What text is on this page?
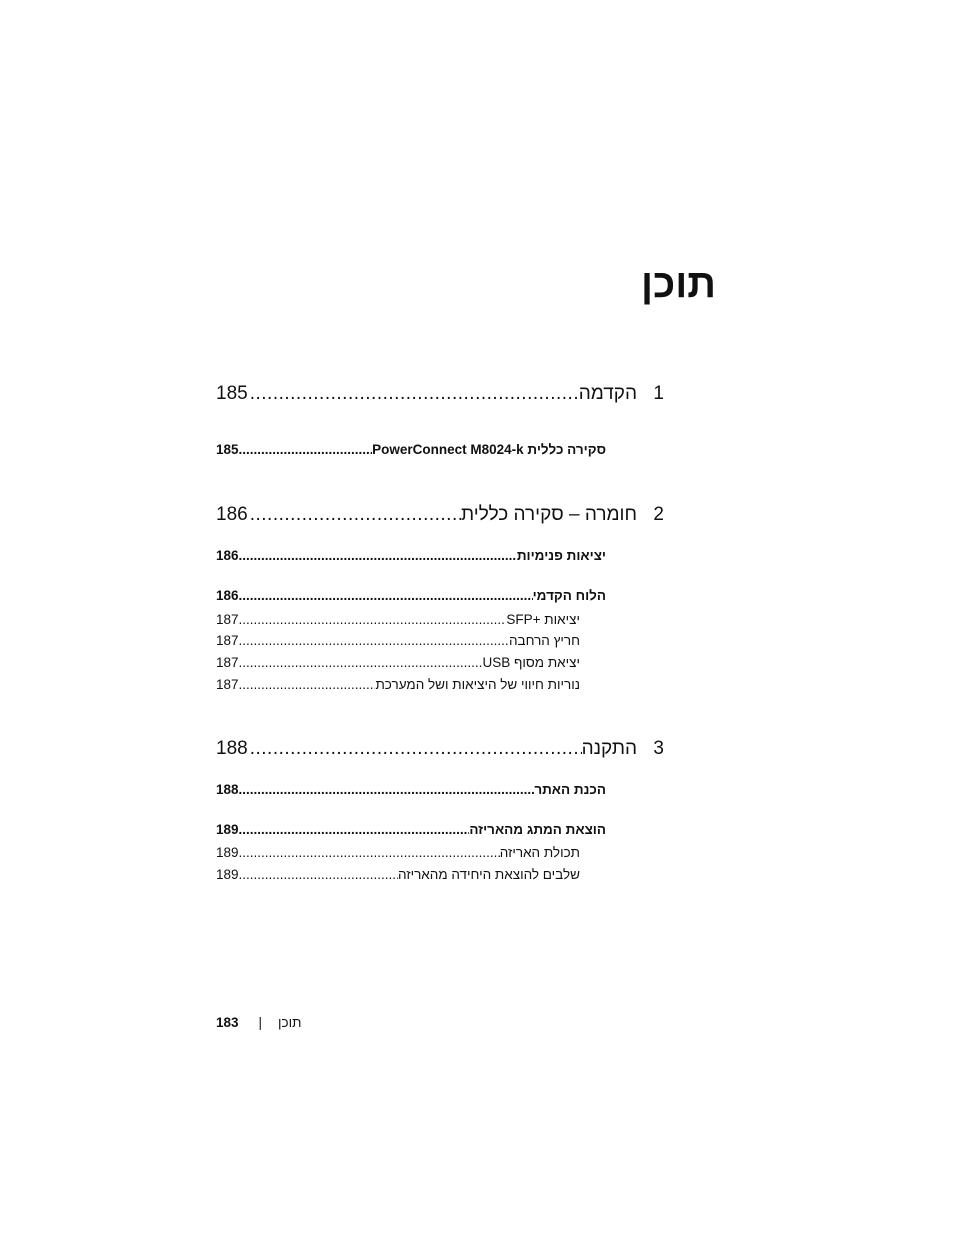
תוכן
185 .....	הקדמה 1
185 .....	סקירה כללית PowerConnect M8024-k
186 .....	חומרה – סקירה כללית 2
186 .....	יציאות פנימיות
186 .....	הלוח הקדמי
187 .....	יציאות +SFP
187 .....	חריץ הרחבה
187 .....	יציאת מסוף USB
187 .....	נוריות חיווי של היציאות ושל המערכת
188 .....	התקנה 3
188 .....	הכנת האתר
189 .....	הוצאת המתג מהאריזה
189 .....	תכולת האריזה
189 .....	שלבים להוצאת היחידה מהאריזה
183 | תוכן
